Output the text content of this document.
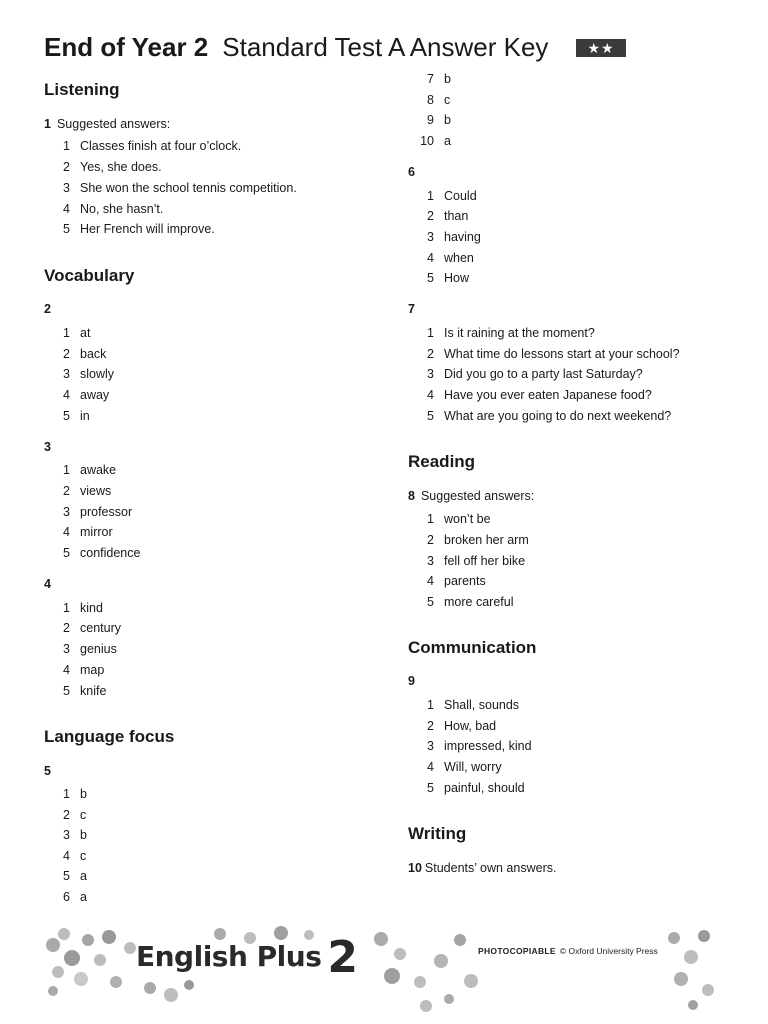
End of Year 2 Standard Test A Answer Key	★★
Listening
1 Suggested answers:
1 Classes finish at four o’clock.
2 Yes, she does.
3 She won the school tennis competition.
4 No, she hasn’t.
5 Her French will improve.
Vocabulary
2
1 at
2 back
3 slowly
4 away
5 in
3
1 awake
2 views
3 professor
4 mirror
5 confidence
4
1 kind
2 century
3 genius
4 map
5 knife
Language focus
5
1 b
2 c
3 b
4 c
5 a
6 a
7 b
8 c
9 b
10 a
6
1 Could
2 than
3 having
4 when
5 How
7
1 Is it raining at the moment?
2 What time do lessons start at your school?
3 Did you go to a party last Saturday?
4 Have you ever eaten Japanese food?
5 What are you going to do next weekend?
Reading
8 Suggested answers:
1 won’t be
2 broken her arm
3 fell off her bike
4 parents
5 more careful
Communication
9
1 Shall, sounds
2 How, bad
3 impressed, kind
4 Will, worry
5 painful, should
Writing
10 Students’ own answers.
English Plus 2	PHOTOCOPIABLE © Oxford University Press
